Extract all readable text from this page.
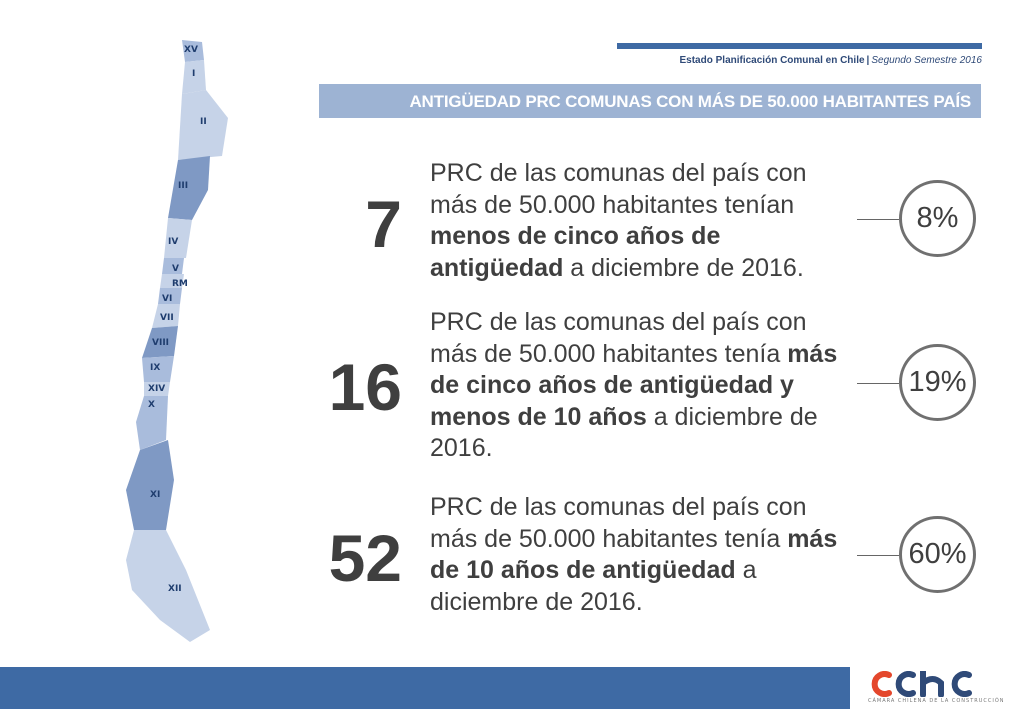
Estado Planificación Comunal en Chile | Segundo Semestre 2016
ANTIGÜEDAD PRC COMUNAS CON MÁS DE 50.000 HABITANTES PAÍS
XV
I
II
III
IV
V
RM
VI
VII
VIII
IX
XIV
X
XI
XII
7
PRC de las comunas del país con más de 50.000 habitantes tenían menos de cinco años de antigüedad a diciembre de 2016.
8%
16
PRC de las comunas del país con más de 50.000 habitantes tenía más de cinco años de antigüedad y menos de 10 años a diciembre de 2016.
19%
52
PRC de las comunas del país con más de 50.000 habitantes tenía más de 10 años de antigüedad a diciembre de 2016.
60%
CÁMARA CHILENA DE LA CONSTRUCCIÓN
